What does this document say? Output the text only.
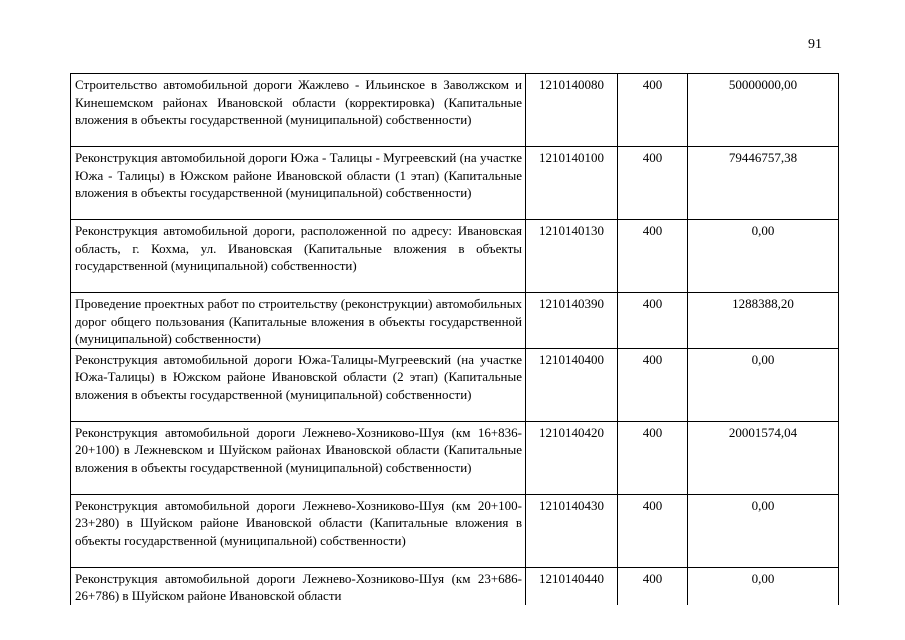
91
Строительство автомобильной дороги Жажлево - Ильинское в Заволжском и Кинешемском районах Ивановской области (корректировка) (Капитальные вложения в объекты государственной (муниципальной) собственности)	1210140080	400	50000000,00
Реконструкция автомобильной дороги Южа - Талицы - Мугреевский (на участке Южа - Талицы) в Южском районе Ивановской области (1 этап) (Капитальные вложения в объекты государственной (муниципальной) собственности)	1210140100	400	79446757,38
Реконструкция автомобильной дороги, расположенной по адресу: Ивановская область, г. Кохма, ул. Ивановская (Капитальные вложения в объекты государственной (муниципальной) собственности)	1210140130	400	0,00
Проведение проектных работ по строительству (реконструкции) автомобильных дорог общего пользования (Капитальные вложения в объекты государственной (муниципальной) собственности)	1210140390	400	1288388,20
Реконструкция автомобильной дороги Южа-Талицы-Мугреевский (на участке Южа-Талицы) в Южском районе Ивановской области (2 этап) (Капитальные вложения в объекты государственной (муниципальной) собственности)	1210140400	400	0,00
Реконструкция автомобильной дороги Лежнево-Хозниково-Шуя (км 16+836-20+100) в Лежневском и Шуйском районах Ивановской области (Капитальные вложения в объекты государственной (муниципальной) собственности)	1210140420	400	20001574,04
Реконструкция автомобильной дороги Лежнево-Хозниково-Шуя (км 20+100-23+280) в Шуйском районе Ивановской области (Капитальные вложения в объекты государственной (муниципальной) собственности)	1210140430	400	0,00
Реконструкция автомобильной дороги Лежнево-Хозниково-Шуя (км 23+686-26+786) в Шуйском районе Ивановской области	1210140440	400	0,00
